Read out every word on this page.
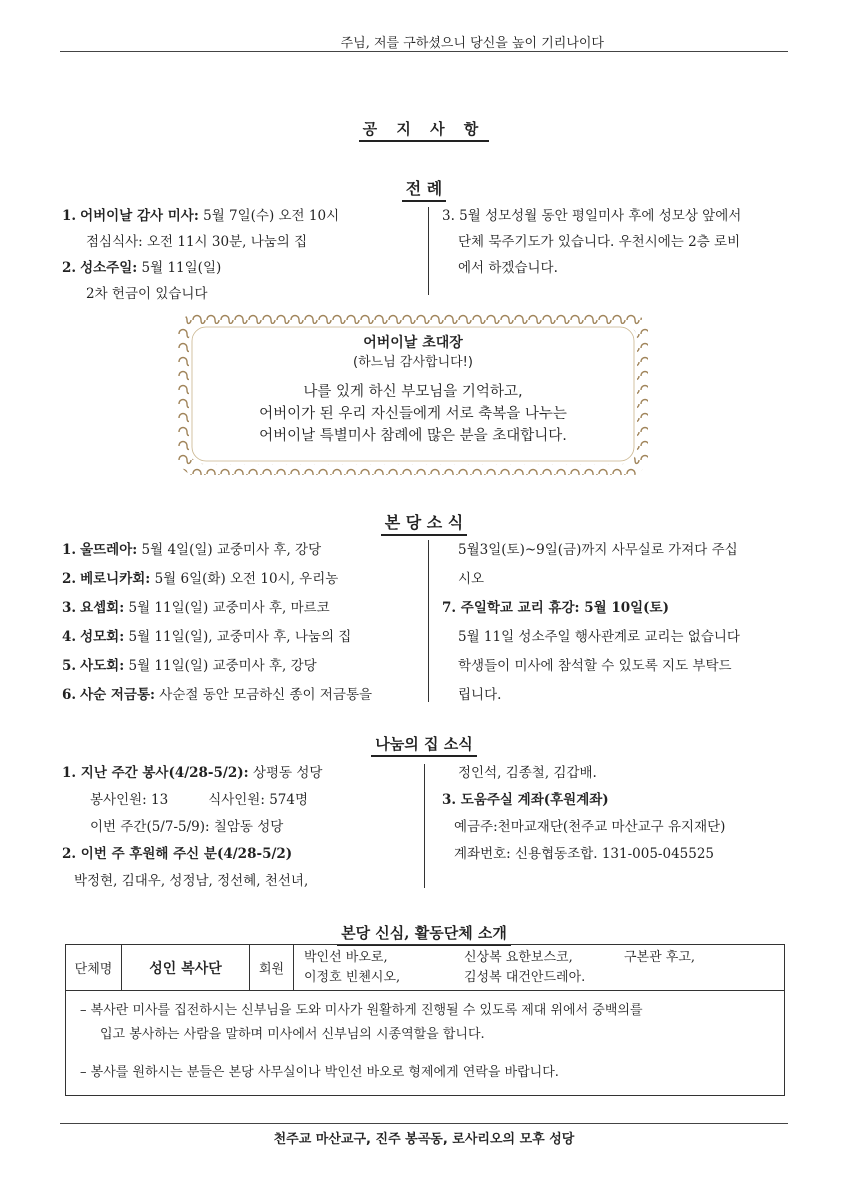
주님, 저를 구하셨으니 당신을 높이 기리나이다
공 지 사 항
전 례
1. 어버이날 감사 미사: 5월 7일(수) 오전 10시
점심식사: 오전 11시 30분, 나눔의 집
2. 성소주일: 5월 11일(일)
2차 헌금이 있습니다
3. 5월 성모성월 동안 평일미사 후에 성모상 앞에서
단체 묵주기도가 있습니다. 우천시에는 2층 로비
에서 하겠습니다.
어버이날 초대장
(하느님 감사합니다!)
나를 있게 하신 부모님을 기억하고,
어버이가 된 우리 자신들에게 서로 축복을 나누는
어버이날 특별미사 참례에 많은 분을 초대합니다.
본 당 소 식
1. 울뜨레아: 5월 4일(일) 교중미사 후, 강당
2. 베로니카회: 5월 6일(화) 오전 10시, 우리농
3. 요셉회: 5월 11일(일) 교중미사 후, 마르코
4. 성모회: 5월 11일(일), 교중미사 후, 나눔의 집
5. 사도회: 5월 11일(일) 교중미사 후, 강당
6. 사순 저금통: 사순절 동안 모금하신 종이 저금통을
5월3일(토)~9일(금)까지 사무실로 가져다 주십
시오
7. 주일학교 교리 휴강: 5월 10일(토)
5월 11일 성소주일 행사관계로 교리는 없습니다
학생들이 미사에 참석할 수 있도록 지도 부탁드
립니다.
나눔의 집 소식
1. 지난 주간 봉사(4/28-5/2): 상평동 성당
봉사인원: 13	식사인원: 574명
이번 주간(5/7-5/9): 칠암동 성당
2. 이번 주 후원해 주신 분(4/28-5/2)
박정현, 김대우, 성정남, 정선혜, 천선녀,
정인석, 김종철, 김갑배.
3. 도움주실 계좌(후원계좌)
예금주:천마교재단(천주교 마산교구 유지재단)
계좌번호: 신용협동조합. 131-005-045525
본당 신심, 활동단체 소개
단체명	성인 복사단	회원	
박인선 바오로,	신상복 요한보스코,	구본관 후고,
이정호 빈첸시오,	김성복 대건안드레아.

– 복사란 미사를 집전하시는 신부님을 도와 미사가 원활하게 진행될 수 있도록 제대 위에서 중백의를
입고 봉사하는 사람을 말하며 미사에서 신부님의 시종역할을 합니다.
– 봉사를 원하시는 분들은 본당 사무실이나 박인선 바오로 형제에게 연락을 바랍니다.
천주교 마산교구, 진주 봉곡동, 로사리오의 모후 성당
